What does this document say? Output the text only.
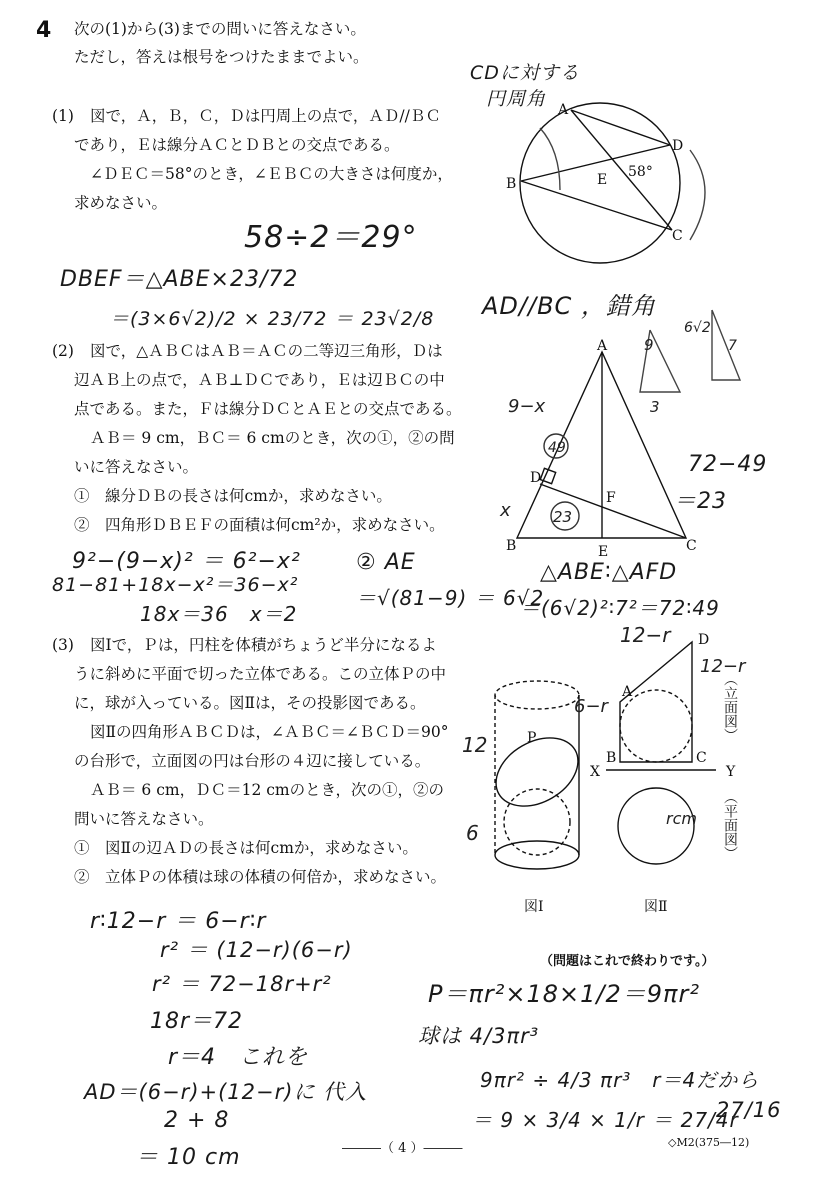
4 次の(1)から(3)までの問いに答えなさい。
ただし，答えは根号をつけたままでよい。
(1) 図で，Ａ，Ｂ，Ｃ，Ｄは円周上の点で，ＡＤ//ＢＣ
であり，Ｅは線分ＡＣとＤＢとの交点である。
∠ＤＥＣ＝58°のとき，∠ＥＢＣの大きさは何度か，
求めなさい。
(2) 図で，△ＡＢＣはＡＢ＝ＡＣの二等辺三角形，Ｄは
辺ＡＢ上の点で，ＡＢ⊥ＤＣであり，Ｅは辺ＢＣの中
点である。また，Ｆは線分ＤＣとＡＥとの交点である。
ＡＢ＝ 9 cm，ＢＣ＝ 6 cmのとき，次の①，②の問
いに答えなさい。
①　線分ＤＢの長さは何cmか，求めなさい。
②　四角形ＤＢＥＦの面積は何cm²か，求めなさい。
(3) 図Ⅰで，Ｐは，円柱を体積がちょうど半分になるよ
うに斜めに平面で切った立体である。この立体Ｐの中
に，球が入っている。図Ⅱは，その投影図である。
図Ⅱの四角形ＡＢＣＤは，∠ＡＢＣ＝∠ＢＣＤ＝90°
の台形で，立面図の円は台形の４辺に接している。
ＡＢ＝ 6 cm，ＤＣ＝12 cmのとき，次の①，②の
問いに答えなさい。
①　図Ⅱの辺ＡＤの長さは何cmか，求めなさい。
②　立体Ｐの体積は球の体積の何倍か，求めなさい。
図Ⅰ	図Ⅱ
（問題はこれで終わりです。）
―――（ 4 ）―――	◇M2(375―12)
CDに対する
円周角
58÷2＝29°
AD//BC ，錯角
DBEF＝△ABE×23/72
＝(3×6√2)/2 × 23/72 ＝ 23√2/8
9²−(9−x)² ＝ 6²−x²
81−81+18x−x²＝36−x²
18x＝36　x＝2
② AE
＝√(81−9) ＝ 6√2
△ABE∶△AFD
＝(6√2)²∶7²＝72∶49
72−49
＝23
r∶12−r ＝ 6−r∶r
r² ＝ (12−r)(6−r)
r² ＝ 72−18r+r²
18r＝72
r＝4　これを
AD＝(6−r)+(12−r)に 代入
2 + 8
＝ 10 cm
P＝πr²×18×1/2＝9πr²
球は 4/3πr³
9πr² ÷ 4/3 πr³　r＝4だから
＝ 9 × 3/4 × 1/r ＝ 27/4r
27/16
A
D
B
C
E 58°
A
B	C
D
E
F
9−x
49
23
x
9
6√2
3
7
P
12
6
A
B	C
D
X	Y
（立面図）
（平面図）
12−r
12−r
6−r
rcm
